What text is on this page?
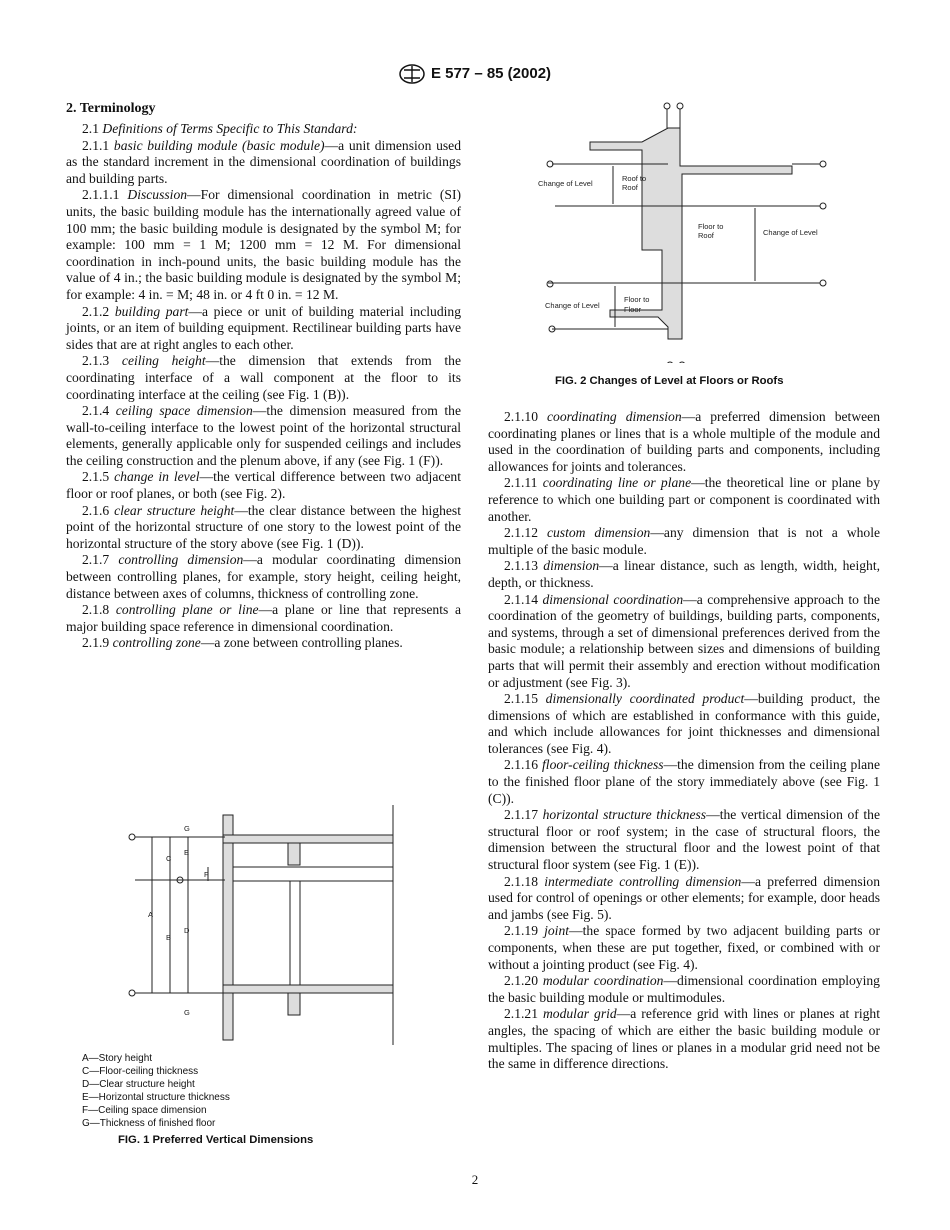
E 577 – 85 (2002)
2. Terminology

2.1 Definitions of Terms Specific to This Standard:

2.1.1 basic building module (basic module)—a unit dimension used as the standard increment in the dimensional coordination of buildings and building parts.

2.1.1.1 Discussion—For dimensional coordination in metric (SI) units, the basic building module has the internationally agreed value of 100 mm; the basic building module is designated by the symbol M; for example: 100 mm = 1 M; 1200 mm = 12 M. For dimensional coordination in inch-pound units, the basic building module has the value of 4 in.; the basic building module is designated by the symbol M; for example: 4 in. = M; 48 in. or 4 ft 0 in. = 12 M.

2.1.2 building part—a piece or unit of building material including joints, or an item of building equipment. Rectilinear building parts have sides that are at right angles to each other.

2.1.3 ceiling height—the dimension that extends from the coordinating interface of a wall component at the floor to its coordinating interface at the ceiling (see Fig. 1 (B)).

2.1.4 ceiling space dimension—the dimension measured from the wall-to-ceiling interface to the lowest point of the horizontal structural elements, generally applicable only for suspended ceilings and includes the ceiling construction and the plenum above, if any (see Fig. 1 (F)).

2.1.5 change in level—the vertical difference between two adjacent floor or roof planes, or both (see Fig. 2).

2.1.6 clear structure height—the clear distance between the highest point of the horizontal structure of one story to the lowest point of the horizontal structure of the story above (see Fig. 1 (D)).

2.1.7 controlling dimension—a modular coordinating dimension between controlling planes, for example, story height, ceiling height, distance between axes of columns, thickness of controlling zone.

2.1.8 controlling plane or line—a plane or line that represents a major building space reference in dimensional coordination.

2.1.9 controlling zone—a zone between controlling planes.

Change of Level
Roof to
Roof
Floor to
Roof	Change of Level
Change of Level
Floor to
Floor
FIG. 2 Changes of Level at Floors or Roofs

2.1.10 coordinating dimension—a preferred dimension between coordinating planes or lines that is a whole multiple of the module and used in the coordination of building parts and components, including allowances for joints and tolerances.

2.1.11 coordinating line or plane—the theoretical line or plane by reference to which one building part or component is coordinated with another.

2.1.12 custom dimension—any dimension that is not a whole multiple of the basic module.

2.1.13 dimension—a linear distance, such as length, width, height, depth, or thickness.

2.1.14 dimensional coordination—a comprehensive approach to the coordination of the geometry of buildings, building parts, components, and systems, through a set of dimensional preferences derived from the basic module; a relationship between sizes and dimensions of building parts that will permit their assembly and erection without modification or adjustment (see Fig. 3).

2.1.15 dimensionally coordinated product—building product, the dimensions of which are established in conformance with this guide, and which include allowances for joint thicknesses and dimensional tolerances (see Fig. 4).

2.1.16 floor-ceiling thickness—the dimension from the ceiling plane to the finished floor plane of the story immediately above (see Fig. 1 (C)).

2.1.17 horizontal structure thickness—the vertical dimension of the structural floor or roof system; in the case of structural floors, the dimension between the structural floor and the lowest point of that structural floor system (see Fig. 1 (E)).

2.1.18 intermediate controlling dimension—a preferred dimension used for control of openings or other elements; for example, door heads and jambs (see Fig. 5).

2.1.19 joint—the space formed by two adjacent building parts or components, when these are put together, fixed, or combined with or without a jointing product (see Fig. 4).

2.1.20 modular coordination—dimensional coordination employing the basic building module or multimodules.

2.1.21 modular grid—a reference grid with lines or planes at right angles, the spacing of which are either the basic building module or multiples. The spacing of lines or planes in a modular grid need not be the same in difference directions.

A
B
C
D
E
F
G
G
A—Story height
C—Floor-ceiling thickness
D—Clear structure height
E—Horizontal structure thickness
F—Ceiling space dimension
G—Thickness of finished floor
FIG. 1 Preferred Vertical Dimensions
2
